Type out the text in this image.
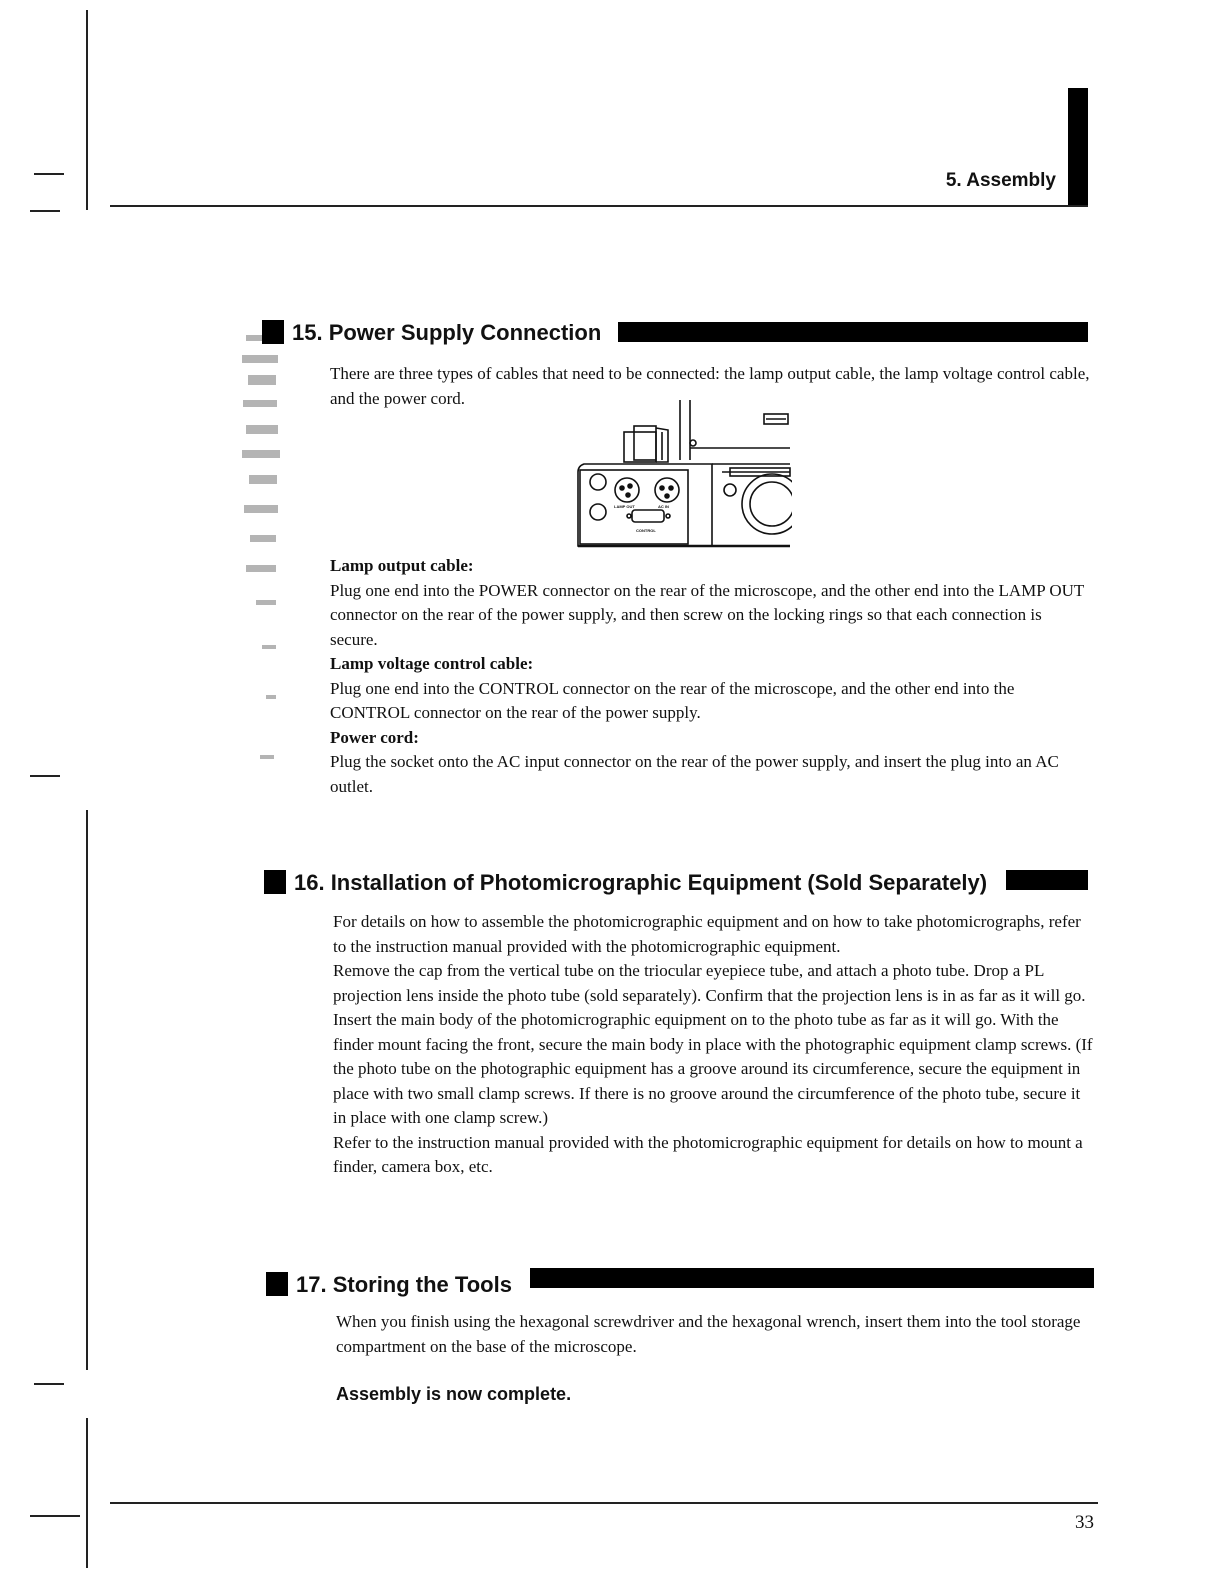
5. Assembly
15. Power Supply Connection

There are three types of cables that need to be connected: the lamp output cable, the lamp voltage control cable, and the power cord.

LAMP OUT	AC IN
CONTROL

Lamp output cable:

Plug one end into the POWER connector on the rear of the microscope, and the other end into the LAMP OUT connector on the rear of the power supply, and then screw on the locking rings so that each connection is secure.

Lamp voltage control cable:

Plug one end into the CONTROL connector on the rear of the microscope, and the other end into the CONTROL connector on the rear of the power supply.

Power cord:

Plug the socket onto the AC input connector on the rear of the power supply, and insert the plug into an AC outlet.

16. Installation of Photomicrographic Equipment (Sold Separately)

For details on how to assemble the photomicrographic equipment and on how to take photomicrographs, refer to the instruction manual provided with the photomicrographic equipment.

Remove the cap from the vertical tube on the triocular eyepiece tube, and attach a photo tube. Drop a PL projection lens inside the photo tube (sold separately). Confirm that the projection lens is in as far as it will go.

Insert the main body of the photomicrographic equipment on to the photo tube as far as it will go. With the finder mount facing the front, secure the main body in place with the photographic equipment clamp screws. (If the photo tube on the photographic equipment has a groove around its circumference, secure the equipment in place with two small clamp screws. If there is no groove around the circumference of the photo tube, secure it in place with one clamp screw.)

Refer to the instruction manual provided with the photomicrographic equipment for details on how to mount a finder, camera box, etc.

17. Storing the Tools

When you finish using the hexagonal screwdriver and the hexagonal wrench, insert them into the tool storage compartment on the base of the microscope.

Assembly is now complete.
33
